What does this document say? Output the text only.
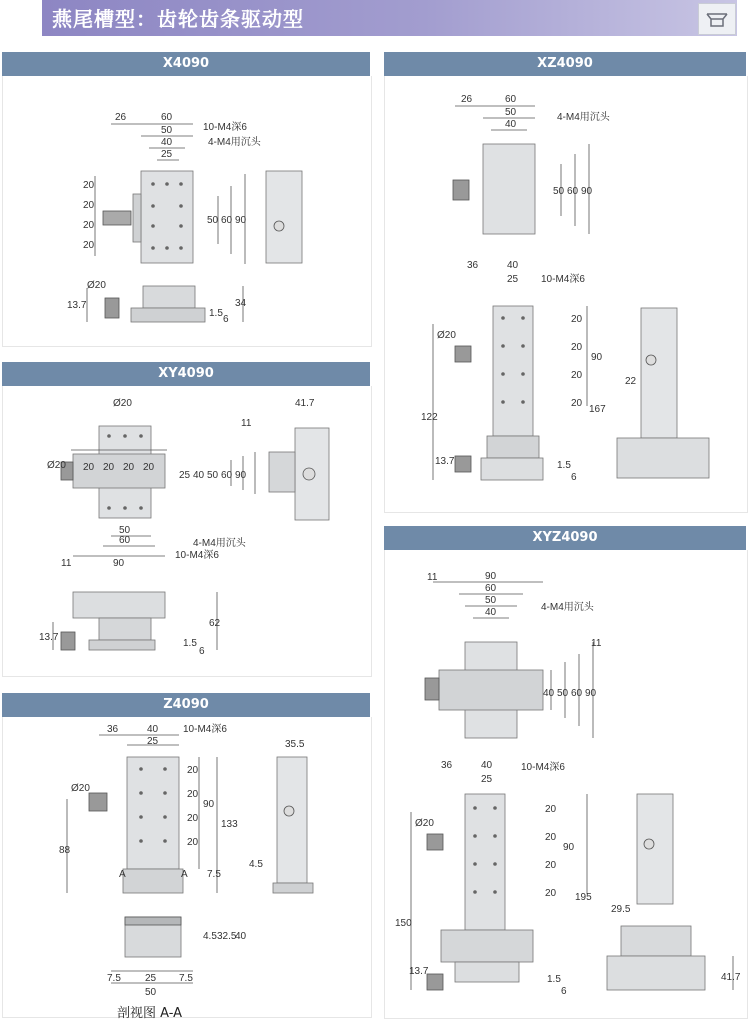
燕尾槽型：齿轮齿条驱动型
X4090
26	60
50
40
25
10-M4深6
4-M4用沉头
20
20
20
20
50 60 90
Ø20
13.7
1.5
6
34
XY4090
Ø20	41.7
11
20 20 20 20
25 40 50 60 90
50
60
90
11
4-M4用沉头
10-M4深6
Ø20
13.7
1.5
6
62
Z4090
36	40
25	35.5
10-M4深6
20
20
20
20
90
133
7.5
Ø20
88
4.5
A	A
4.5 32.5
40
7.5 25 7.5
50
剖视图 A-A
XZ4090
26	60
50
40
4-M4用沉头
10-M4深6
50 60 90
36	40
25
20
20
20
20
90
167
Ø20
122
13.7	1.5
6
22
XYZ4090
11	90
60
50
40
11
4-M4用沉头
10-M4深6
40 50 60 90
36	40
25
20
20
20
20
90
195
Ø20
150
13.7
1.5
6
29.5
41.7
